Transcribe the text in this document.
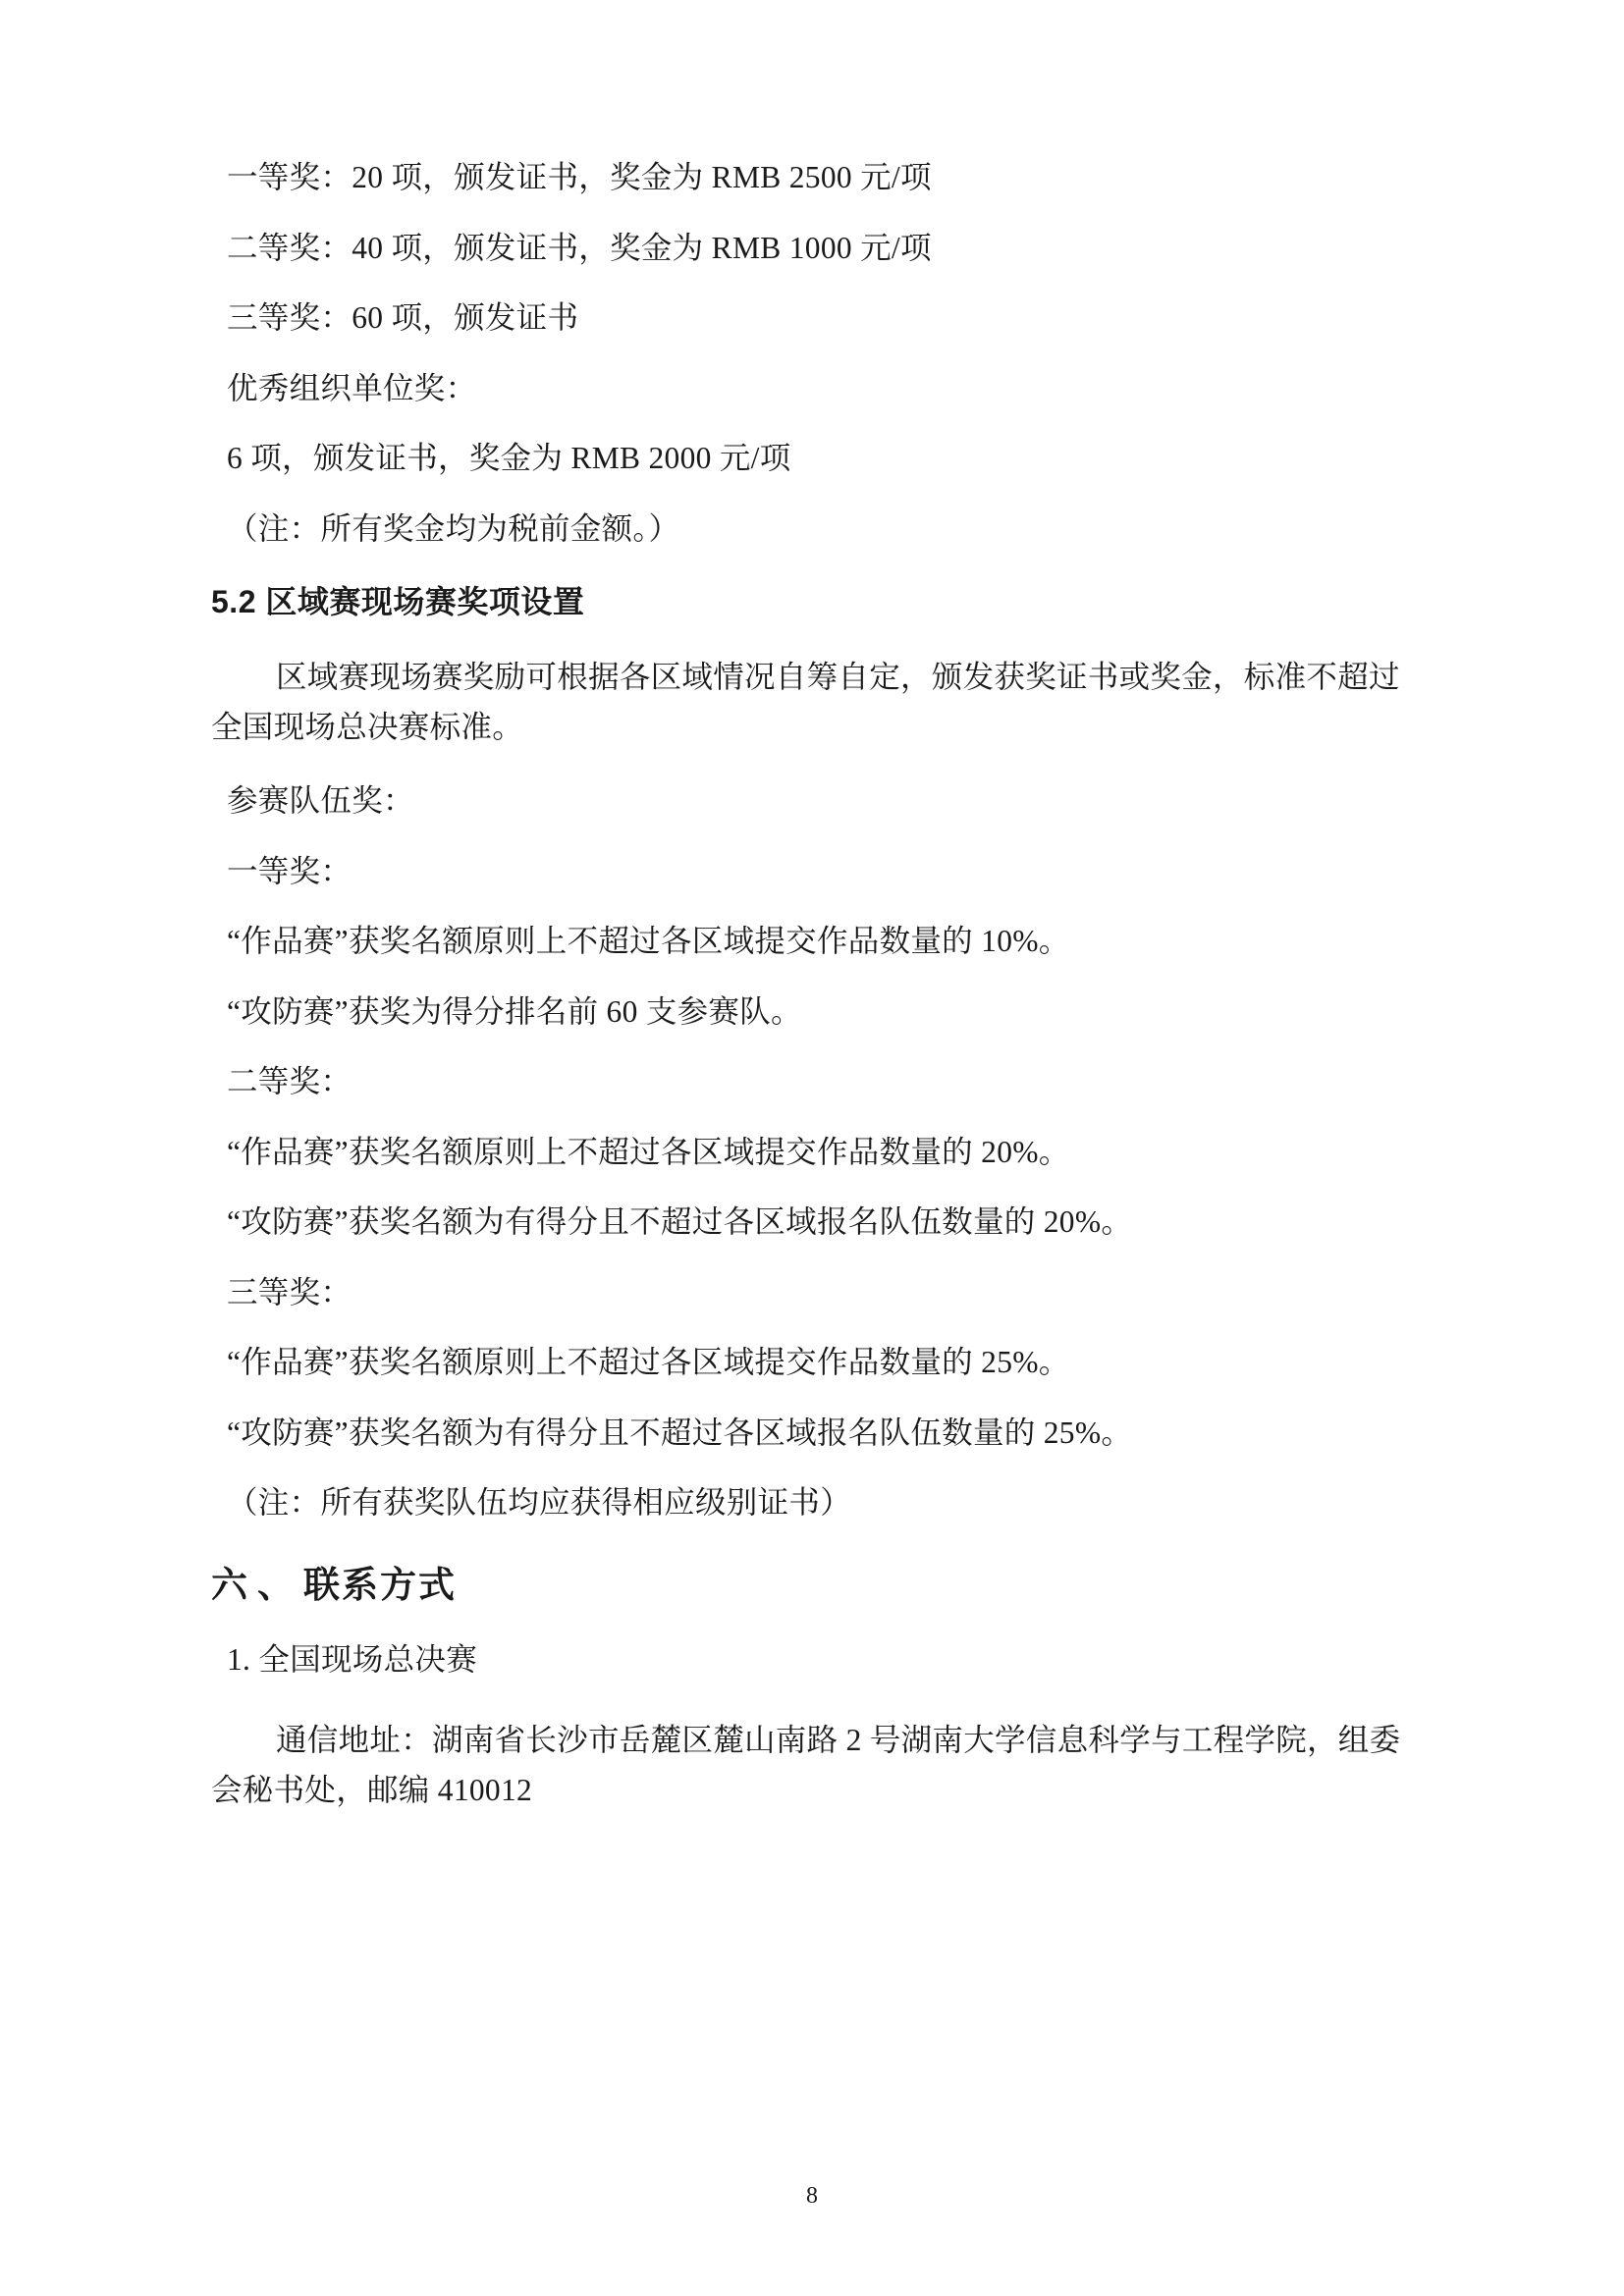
一等奖：20 项，颁发证书，奖金为 RMB 2500 元/项

二等奖：40 项，颁发证书，奖金为 RMB 1000 元/项

三等奖：60 项，颁发证书

优秀组织单位奖：

6 项，颁发证书，奖金为 RMB 2000 元/项

（注：所有奖金均为税前金额。）

5.2 区域赛现场赛奖项设置

区域赛现场赛奖励可根据各区域情况自筹自定，颁发获奖证书或奖金，标准不超过全国现场总决赛标准。

参赛队伍奖：

一等奖：

“作品赛”获奖名额原则上不超过各区域提交作品数量的 10%。

“攻防赛”获奖为得分排名前 60 支参赛队。

二等奖：

“作品赛”获奖名额原则上不超过各区域提交作品数量的 20%。

“攻防赛”获奖名额为有得分且不超过各区域报名队伍数量的 20%。

三等奖：

“作品赛”获奖名额原则上不超过各区域提交作品数量的 25%。

“攻防赛”获奖名额为有得分且不超过各区域报名队伍数量的 25%。

（注：所有获奖队伍均应获得相应级别证书）

六、联系方式

1. 全国现场总决赛

通信地址：湖南省长沙市岳麓区麓山南路 2 号湖南大学信息科学与工程学院，组委会秘书处，邮编 410012

8
